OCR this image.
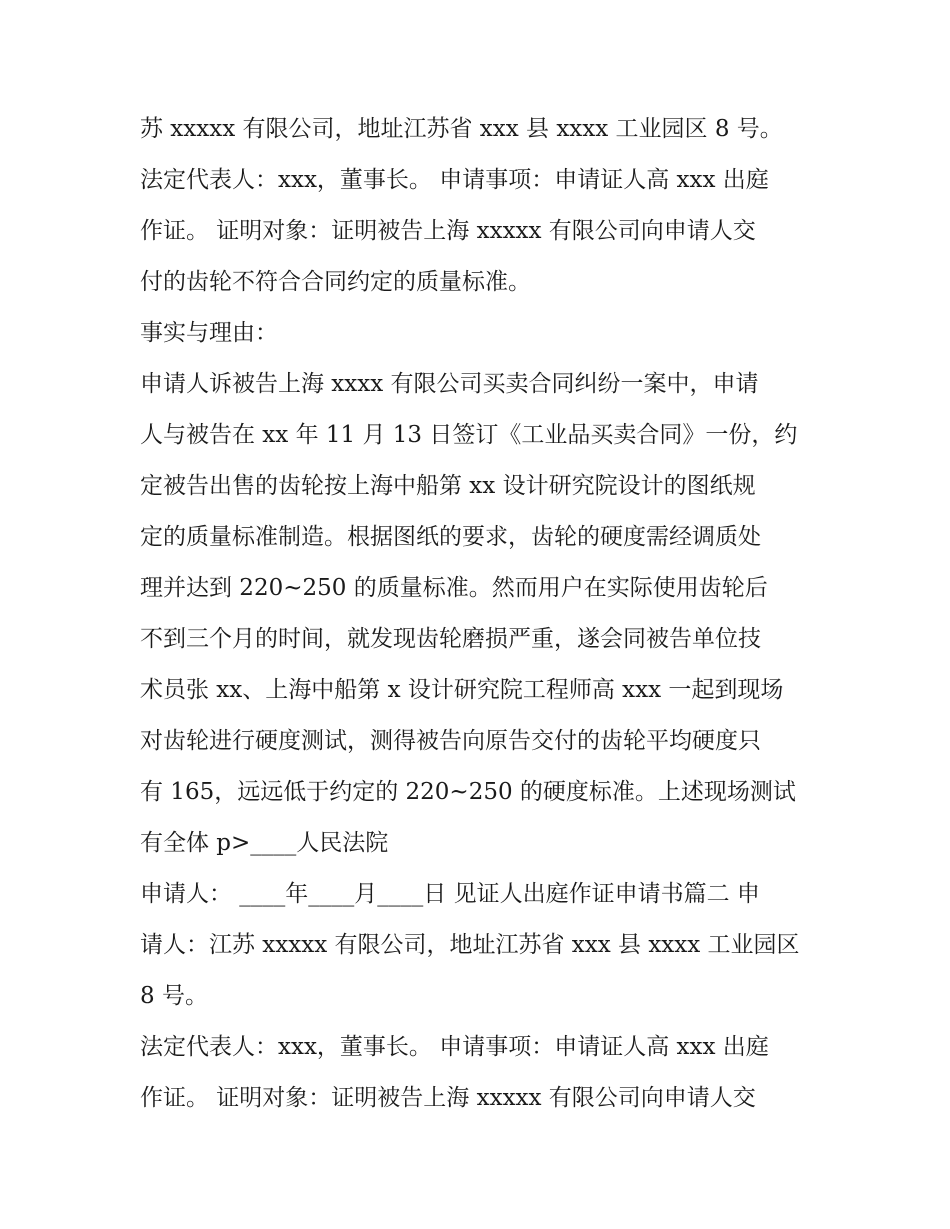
苏 xxxxx 有限公司，地址江苏省 xxx 县 xxxx 工业园区 8 号。
法定代表人：xxx，董事长。 申请事项：申请证人高 xxx 出庭
作证。 证明对象：证明被告上海 xxxxx 有限公司向申请人交
付的齿轮不符合合同约定的质量标准。
事实与理由：
申请人诉被告上海 xxxx 有限公司买卖合同纠纷一案中，申请
人与被告在 xx 年 11 月 13 日签订《工业品买卖合同》一份，约
定被告出售的齿轮按上海中船第 xx 设计研究院设计的图纸规
定的质量标准制造。根据图纸的要求，齿轮的硬度需经调质处
理并达到 220~250 的质量标准。然而用户在实际使用齿轮后
不到三个月的时间，就发现齿轮磨损严重，遂会同被告单位技
术员张 xx、上海中船第 x 设计研究院工程师高 xxx 一起到现场
对齿轮进行硬度测试，测得被告向原告交付的齿轮平均硬度只
有 165，远远低于约定的 220~250 的硬度标准。上述现场测试
有全体 p>____人民法院
申请人： ____年____月____日 见证人出庭作证申请书篇二 申
请人：江苏 xxxxx 有限公司，地址江苏省 xxx 县 xxxx 工业园区
8 号。
法定代表人：xxx，董事长。 申请事项：申请证人高 xxx 出庭
作证。 证明对象：证明被告上海 xxxxx 有限公司向申请人交
